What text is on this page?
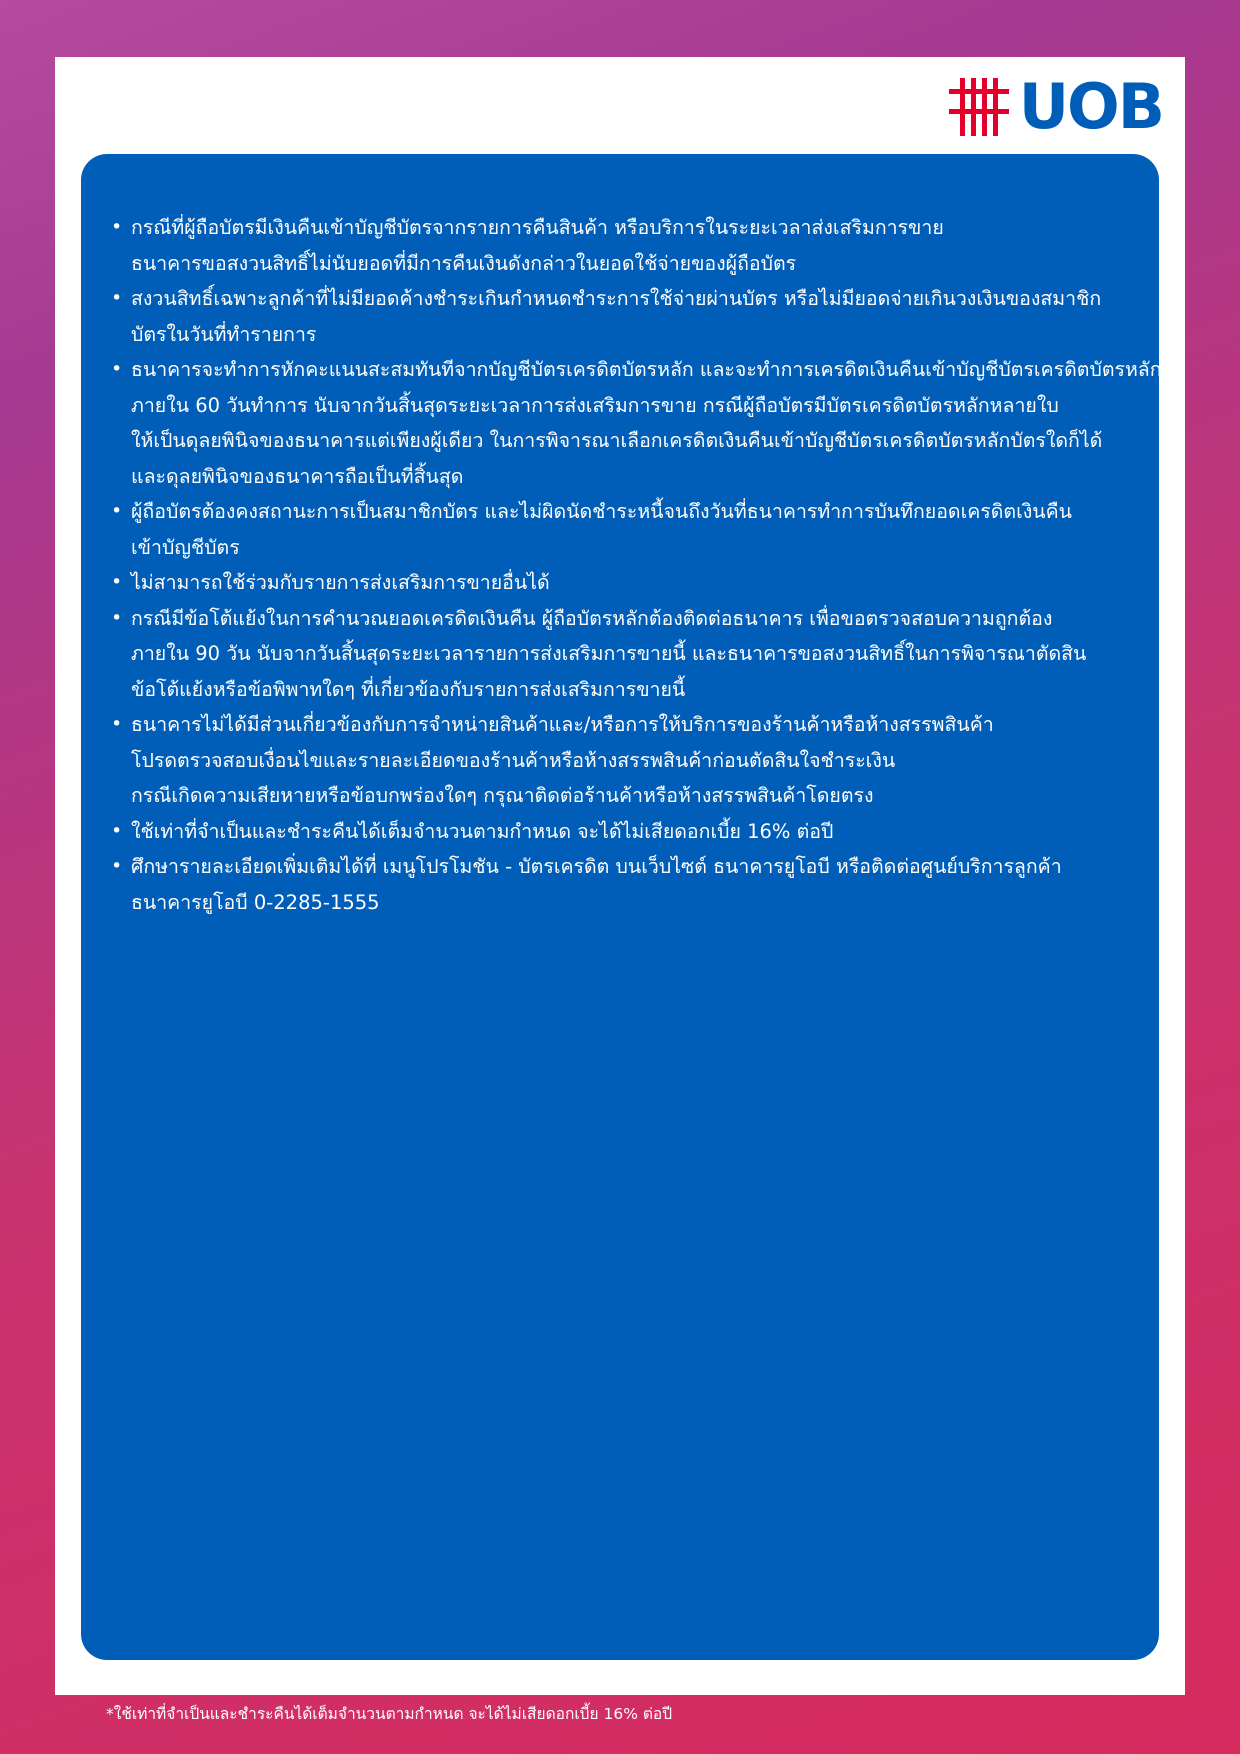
UOB
• กรณีที่ผู้ถือบัตรมีเงินคืนเข้าบัญชีบัตรจากรายการคืนสินค้า หรือบริการในระยะเวลาส่งเสริมการขาย
ธนาคารขอสงวนสิทธิ์ไม่นับยอดที่มีการคืนเงินดังกล่าวในยอดใช้จ่ายของผู้ถือบัตร
• สงวนสิทธิ์เฉพาะลูกค้าที่ไม่มียอดค้างชำระเกินกำหนดชำระการใช้จ่ายผ่านบัตร หรือไม่มียอดจ่ายเกินวงเงินของสมาชิก
บัตรในวันที่ทำรายการ
• ธนาคารจะทำการหักคะแนนสะสมทันทีจากบัญชีบัตรเครดิตบัตรหลัก และจะทำการเครดิตเงินคืนเข้าบัญชีบัตรเครดิตบัตรหลัก
ภายใน 60 วันทำการ นับจากวันสิ้นสุดระยะเวลาการส่งเสริมการขาย กรณีผู้ถือบัตรมีบัตรเครดิตบัตรหลักหลายใบ
ให้เป็นดุลยพินิจของธนาคารแต่เพียงผู้เดียว ในการพิจารณาเลือกเครดิตเงินคืนเข้าบัญชีบัตรเครดิตบัตรหลักบัตรใดก็ได้
และดุลยพินิจของธนาคารถือเป็นที่สิ้นสุด
• ผู้ถือบัตรต้องคงสถานะการเป็นสมาชิกบัตร และไม่ผิดนัดชำระหนี้จนถึงวันที่ธนาคารทำการบันทึกยอดเครดิตเงินคืน
เข้าบัญชีบัตร
• ไม่สามารถใช้ร่วมกับรายการส่งเสริมการขายอื่นได้
• กรณีมีข้อโต้แย้งในการคำนวณยอดเครดิตเงินคืน ผู้ถือบัตรหลักต้องติดต่อธนาคาร เพื่อขอตรวจสอบความถูกต้อง
ภายใน 90 วัน นับจากวันสิ้นสุดระยะเวลารายการส่งเสริมการขายนี้ และธนาคารขอสงวนสิทธิ์ในการพิจารณาตัดสิน
ข้อโต้แย้งหรือข้อพิพาทใดๆ ที่เกี่ยวข้องกับรายการส่งเสริมการขายนี้
• ธนาคารไม่ได้มีส่วนเกี่ยวข้องกับการจำหน่ายสินค้าและ/หรือการให้บริการของร้านค้าหรือห้างสรรพสินค้า
โปรดตรวจสอบเงื่อนไขและรายละเอียดของร้านค้าหรือห้างสรรพสินค้าก่อนตัดสินใจชำระเงิน
กรณีเกิดความเสียหายหรือข้อบกพร่องใดๆ กรุณาติดต่อร้านค้าหรือห้างสรรพสินค้าโดยตรง
• ใช้เท่าที่จำเป็นและชำระคืนได้เต็มจำนวนตามกำหนด จะได้ไม่เสียดอกเบี้ย 16% ต่อปี
• ศึกษารายละเอียดเพิ่มเติมได้ที่ เมนูโปรโมชัน - บัตรเครดิต บนเว็บไซต์ ธนาคารยูโอบี หรือติดต่อศูนย์บริการลูกค้า
ธนาคารยูโอบี 0-2285-1555
*ใช้เท่าที่จำเป็นและชำระคืนได้เต็มจำนวนตามกำหนด จะได้ไม่เสียดอกเบี้ย 16% ต่อปี
